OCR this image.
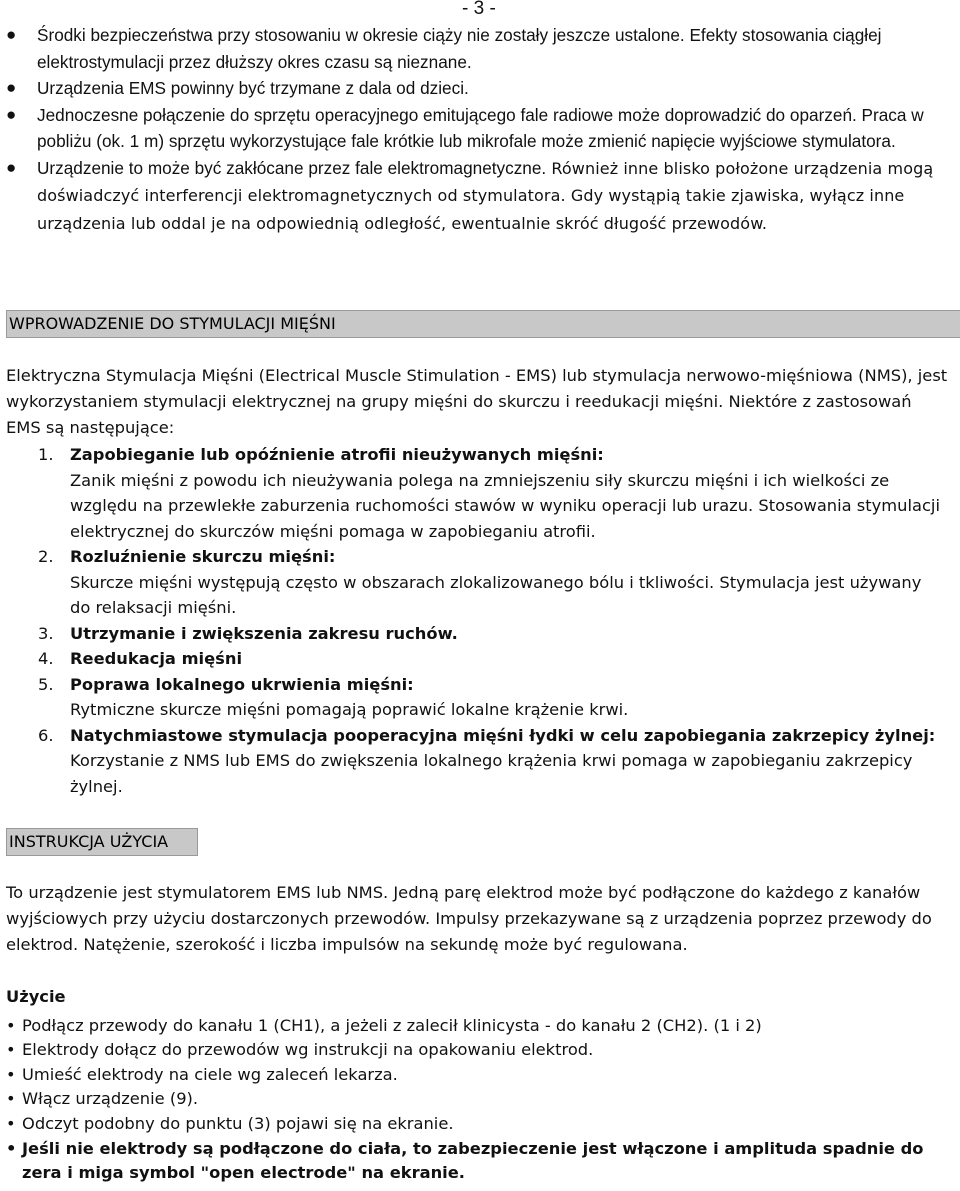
- 3 -
● Środki bezpieczeństwa przy stosowaniu w okresie ciąży nie zostały jeszcze ustalone. Efekty stosowania ciągłej elektrostymulacji przez dłuższy okres czasu są nieznane.
● Urządzenia EMS powinny być trzymane z dala od dzieci.
● Jednoczesne połączenie do sprzętu operacyjnego emitującego fale radiowe może doprowadzić do oparzeń. Praca w pobliżu (ok. 1 m) sprzętu wykorzystujące fale krótkie lub mikrofale może zmienić napięcie wyjściowe stymulatora.
● Urządzenie to może być zakłócane przez fale elektromagnetyczne. Również inne blisko położone urządzenia mogą doświadczyć interferencji elektromagnetycznych od stymulatora. Gdy wystąpią takie zjawiska, wyłącz inne urządzenia lub oddal je na odpowiednią odległość, ewentualnie skróć długość przewodów.
WPROWADZENIE DO STYMULACJI MIĘŚNI
Elektryczna Stymulacja Mięśni (Electrical Muscle Stimulation - EMS) lub stymulacja nerwowo-mięśniowa (NMS), jest wykorzystaniem stymulacji elektrycznej na grupy mięśni do skurczu i reedukacji mięśni. Niektóre z zastosowań EMS są następujące:
1. Zapobieganie lub opóźnienie atrofii nieużywanych mięśni:
Zanik mięśni z powodu ich nieużywania polega na zmniejszeniu siły skurczu mięśni i ich wielkości ze względu na przewlekłe zaburzenia ruchomości stawów w wyniku operacji lub urazu. Stosowania stymulacji elektrycznej do skurczów mięśni pomaga w zapobieganiu atrofii.
2. Rozluźnienie skurczu mięśni:
Skurcze mięśni występują często w obszarach zlokalizowanego bólu i tkliwości. Stymulacja jest używany do relaksacji mięśni.
3. Utrzymanie i zwiększenia zakresu ruchów.
4. Reedukacja mięśni
5. Poprawa lokalnego ukrwienia mięśni:
Rytmiczne skurcze mięśni pomagają poprawić lokalne krążenie krwi.
6. Natychmiastowe stymulacja pooperacyjna mięśni łydki w celu zapobiegania zakrzepicy żylnej:
Korzystanie z NMS lub EMS do zwiększenia lokalnego krążenia krwi pomaga w zapobieganiu zakrzepicy żylnej.
INSTRUKCJA UŻYCIA
To urządzenie jest stymulatorem EMS lub NMS. Jedną parę elektrod może być podłączone do każdego z kanałów wyjściowych przy użyciu dostarczonych przewodów. Impulsy przekazywane są z urządzenia poprzez przewody do elektrod. Natężenie, szerokość i liczba impulsów na sekundę może być regulowana.
Użycie
• Podłącz przewody do kanału 1 (CH1), a jeżeli z zalecił klinicysta - do kanału 2 (CH2). (1 i 2)
• Elektrody dołącz do przewodów wg instrukcji na opakowaniu elektrod.
• Umieść elektrody na ciele wg zaleceń lekarza.
• Włącz urządzenie (9).
• Odczyt podobny do punktu (3) pojawi się na ekranie.
• Jeśli nie elektrody są podłączone do ciała, to zabezpieczenie jest włączone i amplituda spadnie do zera i miga symbol "open electrode" na ekranie.
